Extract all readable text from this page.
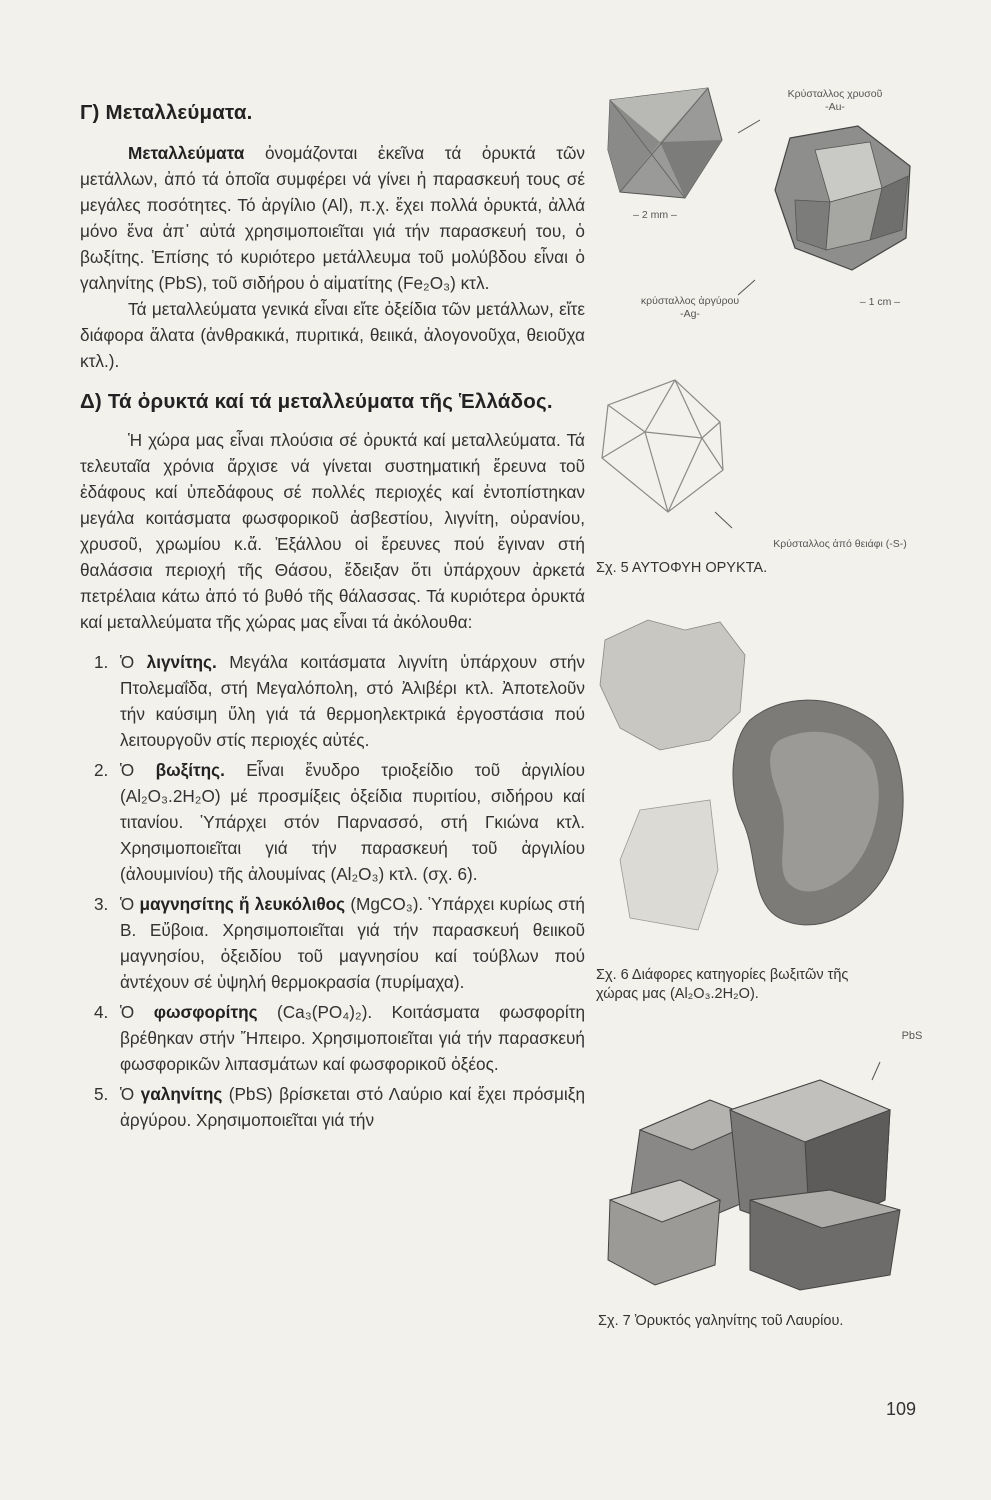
Γ) Μεταλλεύματα.

Μεταλλεύματα ὀνομάζονται ἐκεῖνα τά ὀρυκτά τῶν μετάλλων, ἀπό τά ὁποῖα συμφέρει νά γίνει ἡ παρασκευή τους σέ μεγάλες ποσότητες. Τό ἀργίλιο (Al), π.χ. ἔχει πολλά ὀρυκτά, ἀλλά μόνο ἕνα ἀπ᾽ αὐτά χρησιμοποιεῖται γιά τήν παρασκευή του, ὁ βωξίτης. Ἐπίσης τό κυριότερο μετάλλευμα τοῦ μολύβδου εἶναι ὁ γαληνίτης (PbS), τοῦ σιδήρου ὁ αἱματίτης (Fe₂O₃) κτλ.

Τά μεταλλεύματα γενικά εἶναι εἴτε ὀξείδια τῶν μετάλλων, εἴτε διάφορα ἅλατα (ἀνθρακικά, πυριτικά, θειικά, ἀλογονοῦχα, θειοῦχα κτλ.).

Δ) Τά ὀρυκτά καί τά μεταλλεύματα τῆς Ἑλλάδος.

Ἡ χώρα μας εἶναι πλούσια σέ ὀρυκτά καί μεταλλεύματα. Τά τελευταῖα χρόνια ἄρχισε νά γίνεται συστηματική ἔρευνα τοῦ ἐδάφους καί ὑπεδάφους σέ πολλές περιοχές καί ἐντοπίστηκαν μεγάλα κοιτάσματα φωσφορικοῦ ἀσβεστίου, λιγνίτη, οὐρανίου, χρυσοῦ, χρωμίου κ.ἄ. Ἐξάλλου οἱ ἔρευνες πού ἔγιναν στή θαλάσσια περιοχή τῆς Θάσου, ἔδειξαν ὅτι ὑπάρχουν ἀρκετά πετρέλαια κάτω ἀπό τό βυθό τῆς θάλασσας. Τά κυριότερα ὀρυκτά καί μεταλλεύματα τῆς χώρας μας εἶναι τά ἀκόλουθα:

1. Ὁ λιγνίτης. Μεγάλα κοιτάσματα λιγνίτη ὑπάρχουν στήν Πτολεμαΐδα, στή Μεγαλόπολη, στό Ἀλιβέρι κτλ. Ἀποτελοῦν τήν καύσιμη ὕλη γιά τά θερμοηλεκτρικά ἐργοστάσια πού λειτουργοῦν στίς περιοχές αὐτές.
2. Ὁ βωξίτης. Εἶναι ἔνυδρο τριοξείδιο τοῦ ἀργιλίου (Al₂O₃.2H₂O) μέ προσμίξεις ὀξείδια πυριτίου, σιδήρου καί τιτανίου. Ὑπάρχει στόν Παρνασσό, στή Γκιώνα κτλ. Χρησιμοποιεῖται γιά τήν παρασκευή τοῦ ἀργιλίου (ἀλουμινίου) τῆς ἀλουμίνας (Al₂O₃) κτλ. (σχ. 6).
3. Ὁ μαγνησίτης ἤ λευκόλιθος (MgCO₃). Ὑπάρχει κυρίως στή Β. Εὔβοια. Χρησιμοποιεῖται γιά τήν παρασκευή θειικοῦ μαγνησίου, ὀξειδίου τοῦ μαγνησίου καί τούβλων πού ἀντέχουν σέ ὑψηλή θερμοκρασία (πυρίμαχα).
4. Ὁ φωσφορίτης (Ca₃(PO₄)₂). Κοιτάσματα φωσφορίτη βρέθηκαν στήν Ἤπειρο. Χρησιμοποιεῖται γιά τήν παρασκευή φωσφορικῶν λιπασμάτων καί φωσφορικοῦ ὀξέος.
5. Ὁ γαληνίτης (PbS) βρίσκεται στό Λαύριο καί ἔχει πρόσμιξη ἀργύρου. Χρησιμοποιεῖται γιά τήν
Κρύσταλλος χρυσοῦ
-Au-
– 2 mm –
– 1 cm –
κρύσταλλος ἀργύρου
-Ag-
Κρύσταλλος ἀπό θειάφι (-S-)
Σχ. 5 ΑΥΤΟΦΥΗ ΟΡΥΚΤΑ.
Σχ. 6 Διάφορες κατηγορίες βωξιτῶν τῆς
χώρας μας (Al₂O₃.2H₂O).
PbS
Σχ. 7 Ὀρυκτός γαληνίτης τοῦ Λαυρίου.
109
